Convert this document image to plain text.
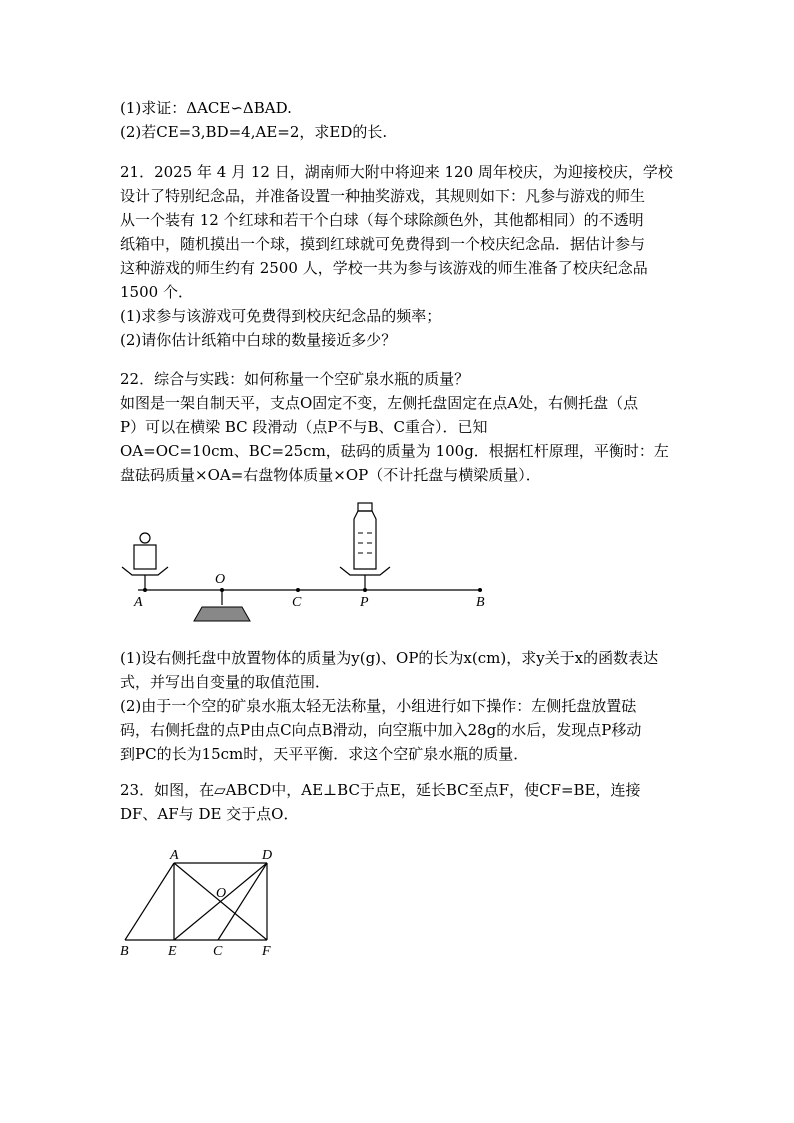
(1)求证：ΔACE∽ΔBAD.
(2)若CE=3,BD=4,AE=2，求ED的长.
21．2025 年 4 月 12 日，湖南师大附中将迎来 120 周年校庆，为迎接校庆，学校
设计了特别纪念品，并准备设置一种抽奖游戏，其规则如下：凡参与游戏的师生
从一个装有 12 个红球和若干个白球（每个球除颜色外，其他都相同）的不透明
纸箱中，随机摸出一个球，摸到红球就可免费得到一个校庆纪念品．据估计参与
这种游戏的师生约有 2500 人，学校一共为参与该游戏的师生准备了校庆纪念品
1500 个．
(1)求参与该游戏可免费得到校庆纪念品的频率；
(2)请你估计纸箱中白球的数量接近多少？
22．综合与实践：如何称量一个空矿泉水瓶的质量？
如图是一架自制天平，支点O固定不变，左侧托盘固定在点A处，右侧托盘（点
P）可以在横梁 BC 段滑动（点P不与B、C重合）．已知
OA=OC=10cm、BC=25cm，砝码的质量为 100g．根据杠杆原理，平衡时：左
盘砝码质量×OA=右盘物体质量×OP（不计托盘与横梁质量）．
A
O
C	P	B
(1)设右侧托盘中放置物体的质量为y(g)、OP的长为x(cm)，求y关于x的函数表达
式，并写出自变量的取值范围．
(2)由于一个空的矿泉水瓶太轻无法称量，小组进行如下操作：左侧托盘放置砝
码，右侧托盘的点P由点C向点B滑动，向空瓶中加入28g的水后，发现点P移动
到PC的长为15cm时，天平平衡．求这个空矿泉水瓶的质量．
23．如图，在▱ABCD中，AE⊥BC于点E，延长BC至点F，使CF=BE，连接
DF、AF与 DE 交于点O．
A	D
O
B	E	C	F
